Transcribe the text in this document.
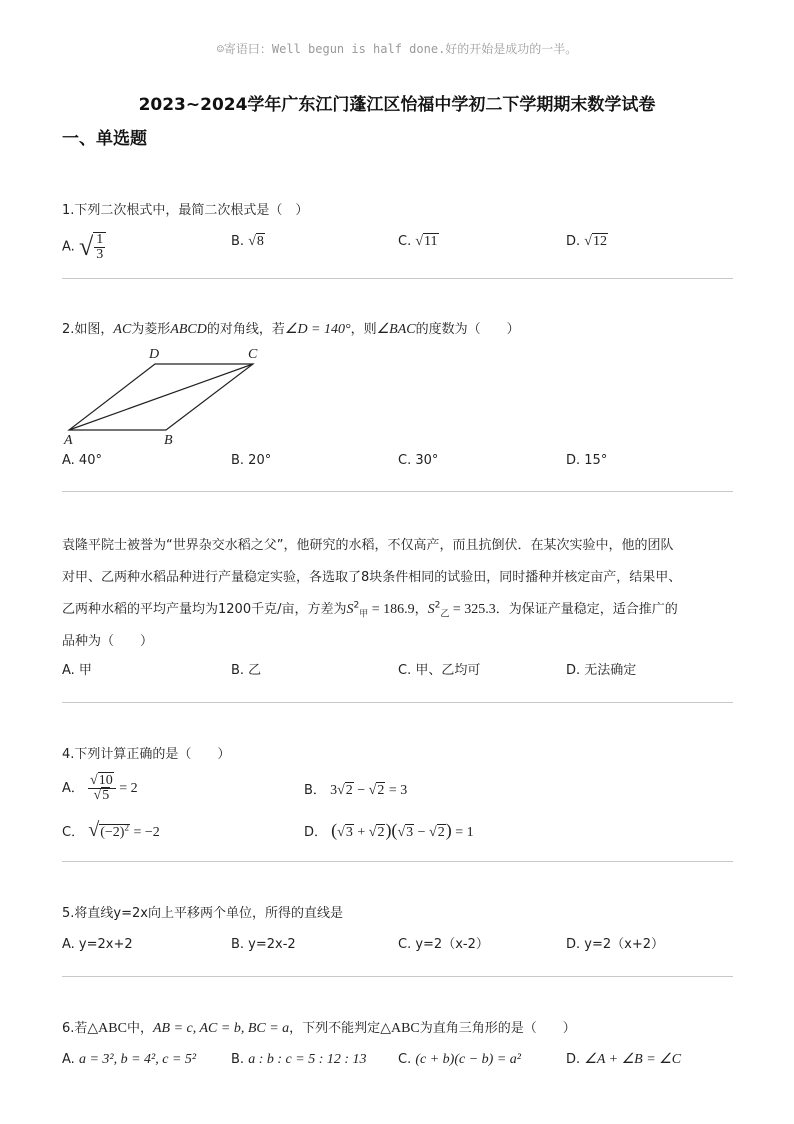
☺寄语曰：Well begun is half done.好的开始是成功的一半。
2023~2024学年广东江门蓬江区怡福中学初二下学期期末数学试卷
一、单选题
1.下列二次根式中，最简二次根式是（　）
A. √ $\frac{1}{3}$	B. √8	C. √11	D. √12
2.如图，AC为菱形ABCD的对角线，若∠D = 140°，则∠BAC的度数为（　　）
A	B
C
D
A. 40°	B. 20°	C. 30°	D. 15°
袁隆平院士被誉为“世界杂交水稻之父”，他研究的水稻，不仅高产，而且抗倒伏．在某次实验中，他的团队
对甲、乙两种水稻品种进行产量稳定实验，各选取了8块条件相同的试验田，同时播种并核定亩产，结果甲、
乙两种水稻的平均产量均为1200千克/亩，方差为$S^2_甲 = 186.9$，$S^2_乙 = 325.3$．为保证产量稳定，适合推广的
品种为（　　）
A. 甲	B. 乙	C. 甲、乙均可	D. 无法确定
4.下列计算正确的是（　　）
A． $\frac{√10}{√5} = 2$	B． 3√2 − √2 = 3
C． $√(-2)^2 = -2$	D． (√3 + √2)(√3 − √2) = 1
5.将直线y=2x向上平移两个单位，所得的直线是
A. y=2x+2	B. y=2x-2	C. y=2（x-2）	D. y=2（x+2）
6.若△ABC中，AB = c, AC = b, BC = a，下列不能判定△ABC为直角三角形的是（　　）
A. a = 3², b = 4², c = 5²	B. a : b : c = 5 : 12 : 13 C. (c + b)(c − b) = a²	D. ∠A + ∠B = ∠C
